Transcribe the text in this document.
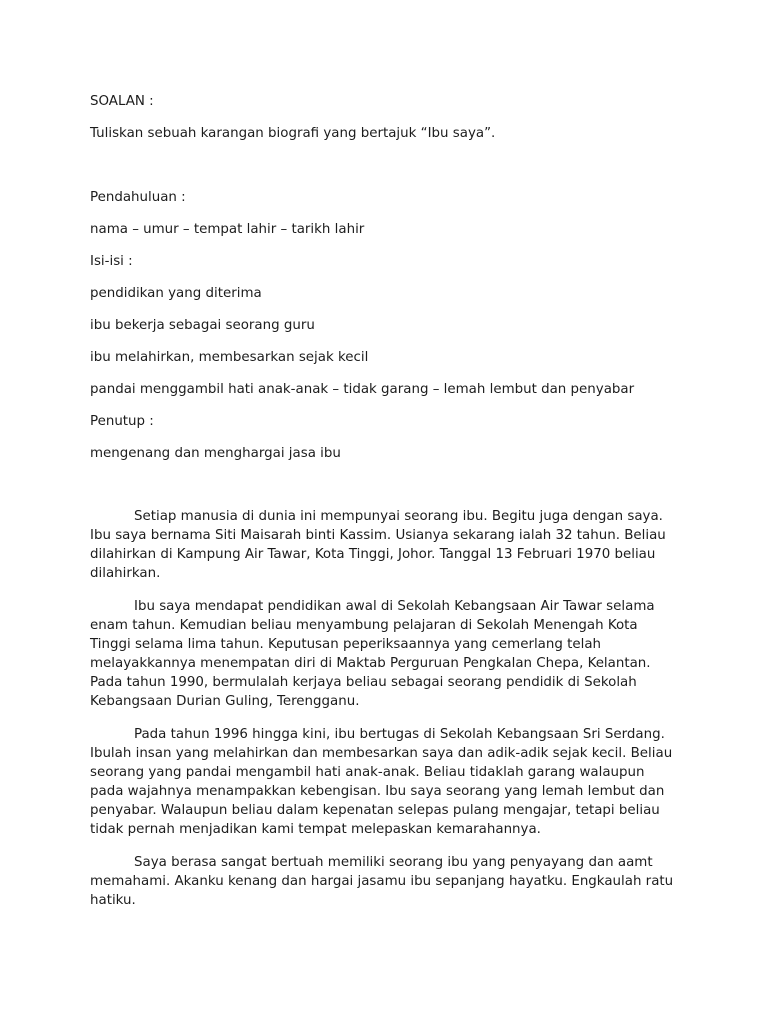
SOALAN :

Tuliskan sebuah karangan biografi yang bertajuk “Ibu saya”.

Pendahuluan :

nama – umur – tempat lahir – tarikh lahir

Isi-isi :

pendidikan yang diterima

ibu bekerja sebagai seorang guru

ibu melahirkan, membesarkan sejak kecil

pandai menggambil hati anak-anak – tidak garang – lemah lembut dan penyabar

Penutup :

mengenang dan menghargai jasa ibu

Setiap manusia di dunia ini mempunyai seorang ibu. Begitu juga dengan saya. Ibu saya bernama Siti Maisarah binti Kassim. Usianya sekarang ialah 32 tahun. Beliau dilahirkan di Kampung Air Tawar, Kota Tinggi, Johor. Tanggal 13 Februari 1970 beliau dilahirkan.

Ibu saya mendapat pendidikan awal di Sekolah Kebangsaan Air Tawar selama enam tahun. Kemudian beliau menyambung pelajaran di Sekolah Menengah Kota Tinggi selama lima tahun. Keputusan peperiksaannya yang cemerlang telah melayakkannya menempatan diri di Maktab Perguruan Pengkalan Chepa, Kelantan. Pada tahun 1990, bermulalah kerjaya beliau sebagai seorang pendidik di Sekolah Kebangsaan Durian Guling, Terengganu.

Pada tahun 1996 hingga kini, ibu bertugas di Sekolah Kebangsaan Sri Serdang. Ibulah insan yang melahirkan dan membesarkan saya dan adik-adik sejak kecil. Beliau seorang yang pandai mengambil hati anak-anak. Beliau tidaklah garang walaupun pada wajahnya menampakkan kebengisan. Ibu saya seorang yang lemah lembut dan penyabar. Walaupun beliau dalam kepenatan selepas pulang mengajar, tetapi beliau tidak pernah menjadikan kami tempat melepaskan kemarahannya.

Saya berasa sangat bertuah memiliki seorang ibu yang penyayang dan aamt memahami. Akanku kenang dan hargai jasamu ibu sepanjang hayatku. Engkaulah ratu hatiku.
